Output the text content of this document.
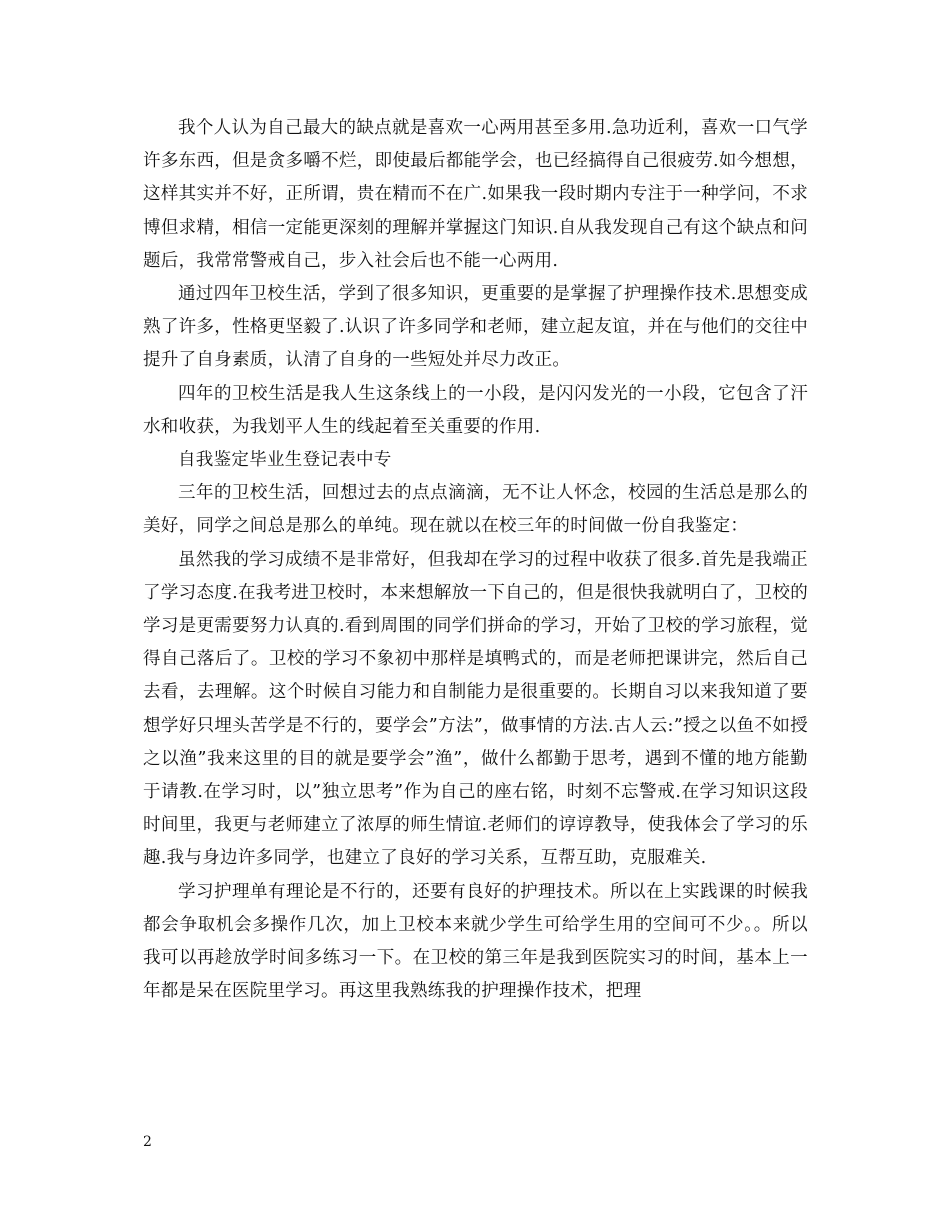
我个人认为自己最大的缺点就是喜欢一心两用甚至多用.急功近利，喜欢一口气学许多东西，但是贪多嚼不烂，即使最后都能学会，也已经搞得自己很疲劳.如今想想，这样其实并不好，正所谓，贵在精而不在广.如果我一段时期内专注于一种学问，不求博但求精，相信一定能更深刻的理解并掌握这门知识.自从我发现自己有这个缺点和问题后，我常常警戒自己，步入社会后也不能一心两用.

通过四年卫校生活，学到了很多知识，更重要的是掌握了护理操作技术.思想变成熟了许多，性格更坚毅了.认识了许多同学和老师，建立起友谊，并在与他们的交往中提升了自身素质，认清了自身的一些短处并尽力改正。

四年的卫校生活是我人生这条线上的一小段，是闪闪发光的一小段，它包含了汗水和收获，为我划平人生的线起着至关重要的作用.

自我鉴定毕业生登记表中专

三年的卫校生活，回想过去的点点滴滴，无不让人怀念，校园的生活总是那么的美好，同学之间总是那么的单纯。现在就以在校三年的时间做一份自我鉴定：

虽然我的学习成绩不是非常好，但我却在学习的过程中收获了很多.首先是我端正了学习态度.在我考进卫校时，本来想解放一下自己的，但是很快我就明白了，卫校的学习是更需要努力认真的.看到周围的同学们拼命的学习，开始了卫校的学习旅程，觉得自己落后了。卫校的学习不象初中那样是填鸭式的，而是老师把课讲完，然后自己去看，去理解。这个时候自习能力和自制能力是很重要的。长期自习以来我知道了要想学好只埋头苦学是不行的，要学会”方法”，做事情的方法.古人云:”授之以鱼不如授之以渔”我来这里的目的就是要学会”渔”，做什么都勤于思考，遇到不懂的地方能勤于请教.在学习时，以”独立思考”作为自己的座右铭，时刻不忘警戒.在学习知识这段时间里，我更与老师建立了浓厚的师生情谊.老师们的谆谆教导，使我体会了学习的乐趣.我与身边许多同学，也建立了良好的学习关系，互帮互助，克服难关.

学习护理单有理论是不行的，还要有良好的护理技术。所以在上实践课的时候我都会争取机会多操作几次，加上卫校本来就少学生可给学生用的空间可不少。。所以我可以再趁放学时间多练习一下。在卫校的第三年是我到医院实习的时间，基本上一年都是呆在医院里学习。再这里我熟练我的护理操作技术，把理

2
